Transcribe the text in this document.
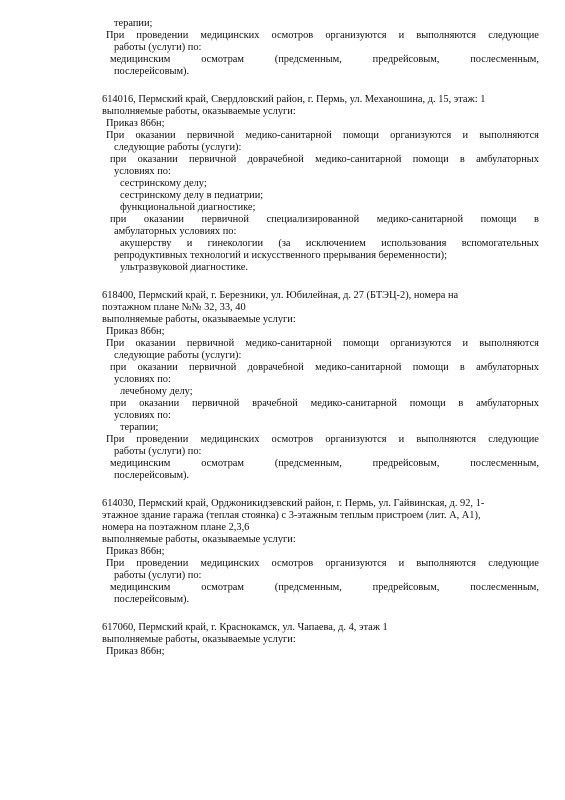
терапии;
При проведении медицинских осмотров организуются и выполняются следующие
работы (услуги) по:
медицинским	осмотрам	(предсменным,	предрейсовым,	послесменным,
послерейсовым).
614016, Пермский край, Свердловский район, г. Пермь, ул. Механошина, д. 15, этаж: 1
выполняемые работы, оказываемые услуги:
Приказ 866н;
При оказании первичной медико-санитарной помощи организуются и выполняются
следующие работы (услуги):
при оказании первичной доврачебной медико-санитарной помощи в амбулаторных
условиях по:
сестринскому делу;
сестринскому делу в педиатрии;
функциональной диагностике;
при оказании первичной специализированной медико-санитарной помощи в
амбулаторных условиях по:
акушерству и гинекологии (за исключением использования вспомогательных
репродуктивных технологий и искусственного прерывания беременности);
ультразвуковой диагностике.
618400, Пермский край, г. Березники, ул. Юбилейная, д. 27 (БТЭЦ-2), номера на
поэтажном плане №№ 32, 33, 40
выполняемые работы, оказываемые услуги:
Приказ 866н;
При оказании первичной медико-санитарной помощи организуются и выполняются
следующие работы (услуги):
при оказании первичной доврачебной медико-санитарной помощи в амбулаторных
условиях по:
лечебному делу;
при оказании первичной врачебной медико-санитарной помощи в амбулаторных
условиях по:
терапии;
При проведении медицинских осмотров организуются и выполняются следующие
работы (услуги) по:
медицинским	осмотрам	(предсменным,	предрейсовым,	послесменным,
послерейсовым).
614030, Пермский край, Орджоникидзевский район, г. Пермь, ул. Гайвинская, д. 92, 1-
этажное здание гаража (теплая стоянка) с 3-этажным теплым пристроем (лит. А, А1),
номера на поэтажном плане 2,3,6
выполняемые работы, оказываемые услуги:
Приказ 866н;
При проведении медицинских осмотров организуются и выполняются следующие
работы (услуги) по:
медицинским	осмотрам	(предсменным,	предрейсовым,	послесменным,
послерейсовым).
617060, Пермский край, г. Краснокамск, ул. Чапаева, д. 4, этаж 1
выполняемые работы, оказываемые услуги:
Приказ 866н;
